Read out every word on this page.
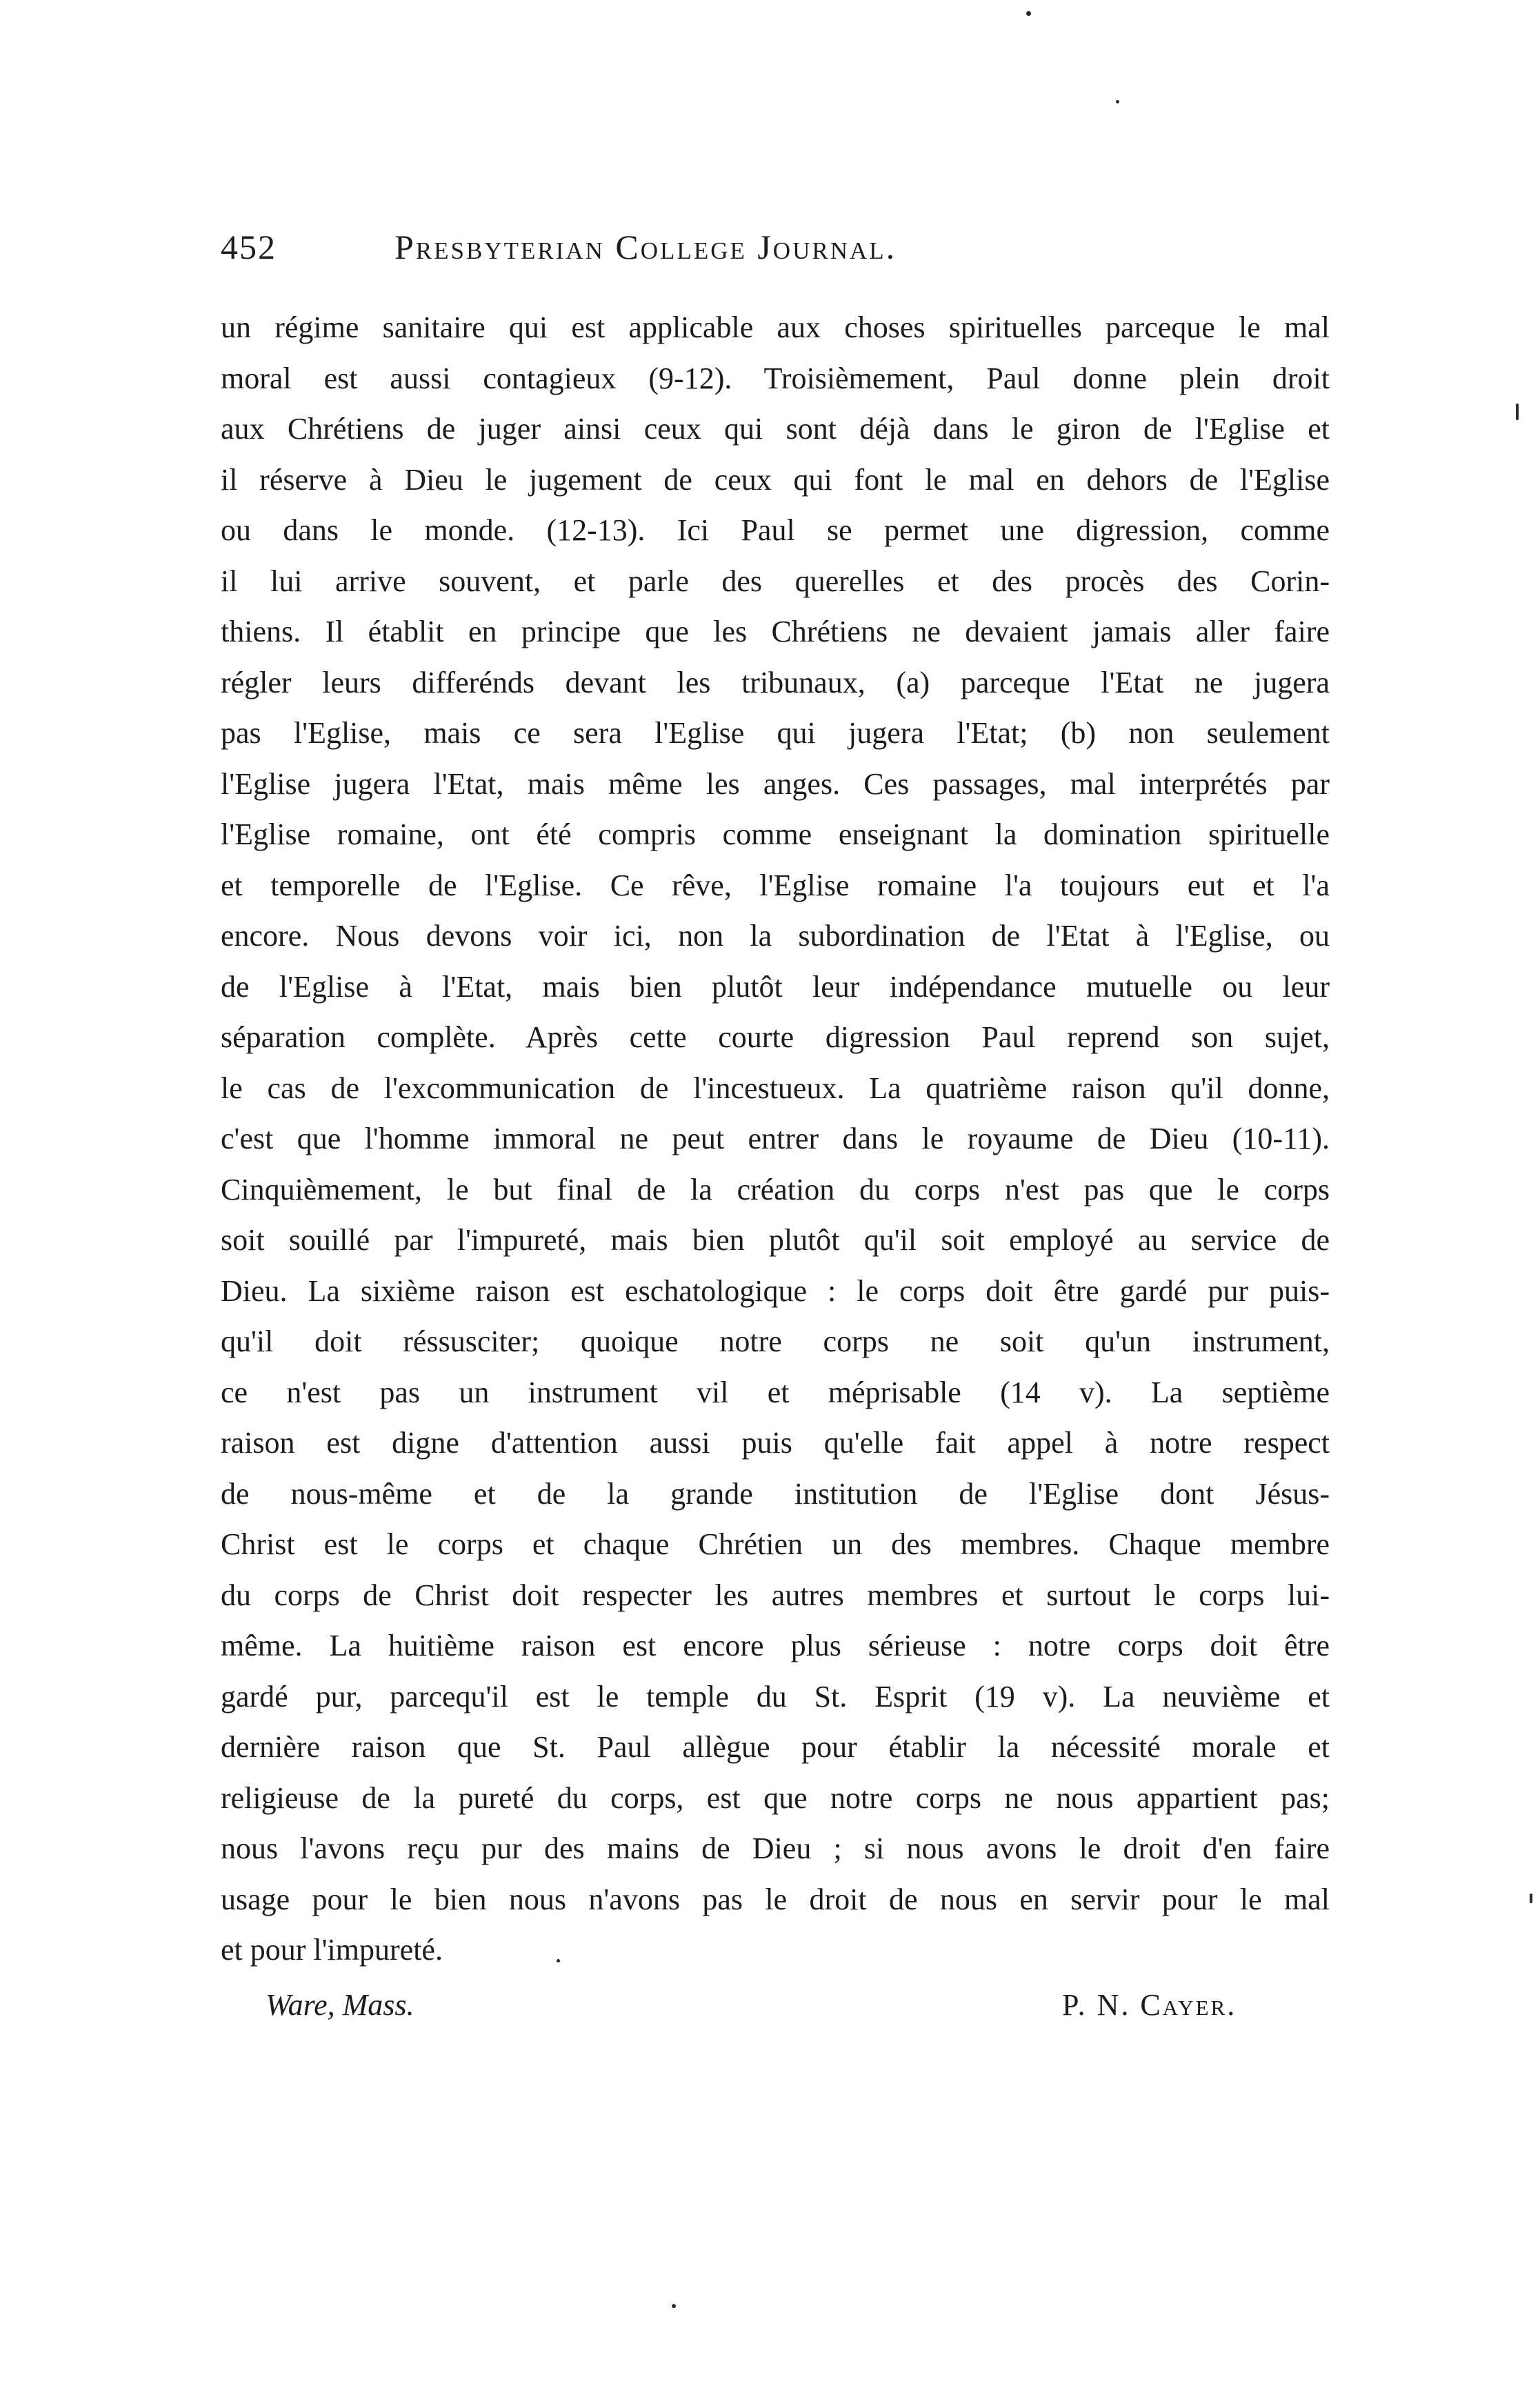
452	Presbyterian College Journal.
un régime sanitaire qui est applicable aux choses spirituelles parceque le mal
moral est aussi contagieux (9-12). Troisièmement, Paul donne plein droit
aux Chrétiens de juger ainsi ceux qui sont déjà dans le giron de l'Eglise et
il réserve à Dieu le jugement de ceux qui font le mal en dehors de l'Eglise
ou dans le monde. (12-13). Ici Paul se permet une digression, comme
il lui arrive souvent, et parle des querelles et des procès des Corin-
thiens. Il établit en principe que les Chrétiens ne devaient jamais aller faire
régler leurs differénds devant les tribunaux, (a) parceque l'Etat ne jugera
pas l'Eglise, mais ce sera l'Eglise qui jugera l'Etat; (b) non seulement
l'Eglise jugera l'Etat, mais même les anges. Ces passages, mal interprétés par
l'Eglise romaine, ont été compris comme enseignant la domination spirituelle
et temporelle de l'Eglise. Ce rêve, l'Eglise romaine l'a toujours eut et l'a
encore. Nous devons voir ici, non la subordination de l'Etat à l'Eglise, ou
de l'Eglise à l'Etat, mais bien plutôt leur indépendance mutuelle ou leur
séparation complète. Après cette courte digression Paul reprend son sujet,
le cas de l'excommunication de l'incestueux. La quatrième raison qu'il donne,
c'est que l'homme immoral ne peut entrer dans le royaume de Dieu (10-11).
Cinquièmement, le but final de la création du corps n'est pas que le corps
soit souillé par l'impureté, mais bien plutôt qu'il soit employé au service de
Dieu. La sixième raison est eschatologique : le corps doit être gardé pur puis-
qu'il doit réssusciter; quoique notre corps ne soit qu'un instrument,
ce n'est pas un instrument vil et méprisable (14 v). La septième
raison est digne d'attention aussi puis qu'elle fait appel à notre respect
de nous-même et de la grande institution de l'Eglise dont Jésus-
Christ est le corps et chaque Chrétien un des membres. Chaque membre
du corps de Christ doit respecter les autres membres et surtout le corps lui-
même. La huitième raison est encore plus sérieuse : notre corps doit être
gardé pur, parcequ'il est le temple du St. Esprit (19 v). La neuvième et
dernière raison que St. Paul allègue pour établir la nécessité morale et
religieuse de la pureté du corps, est que notre corps ne nous appartient pas;
nous l'avons reçu pur des mains de Dieu ; si nous avons le droit d'en faire
usage pour le bien nous n'avons pas le droit de nous en servir pour le mal
et pour l'impureté.
Ware, Mass.	P. N. Cayer.
